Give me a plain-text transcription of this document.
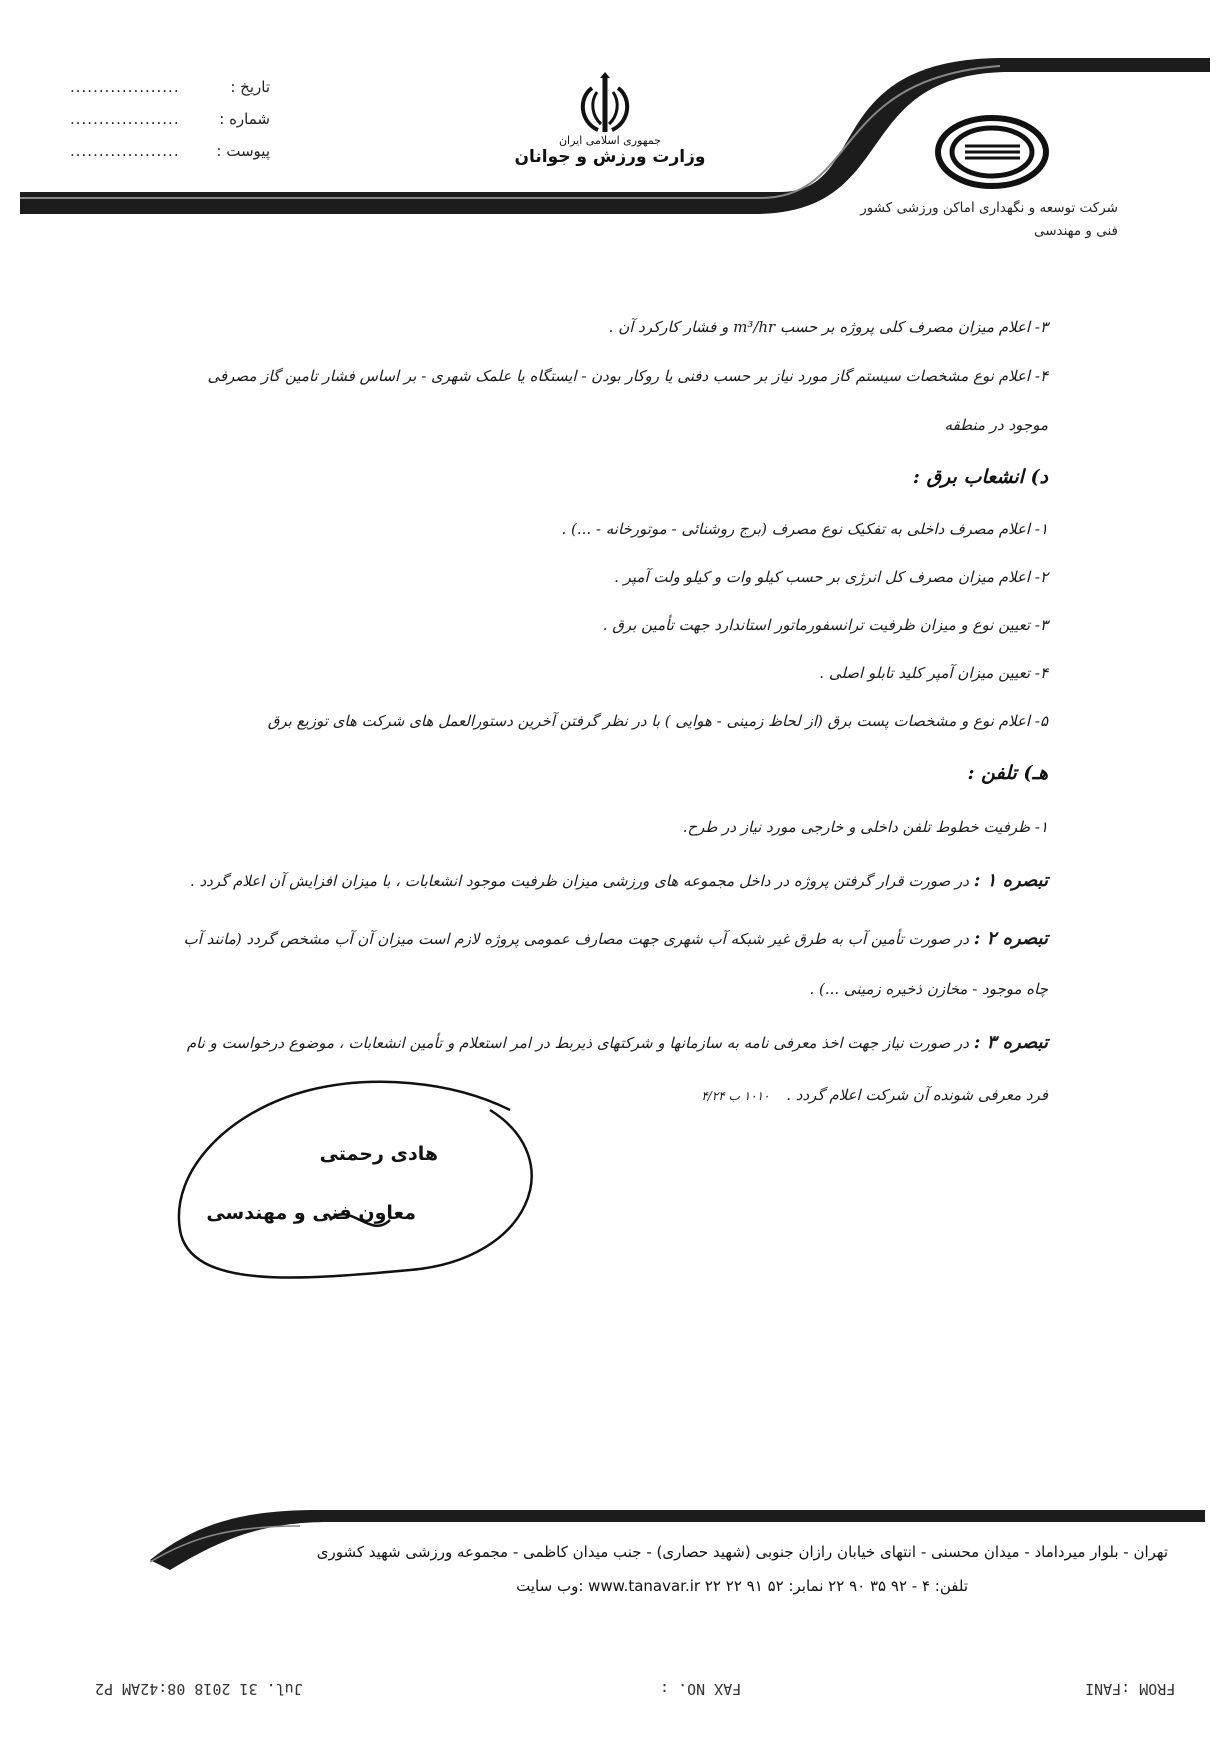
تاریخ :
...................
شماره :
...................
پیوست :
...................
جمهوری اسلامی ایران
وزارت ورزش و جوانان
شرکت توسعه و نگهداری اماکن ورزشی کشور
فنی و مهندسی
۳- اعلام میزان مصرف کلی پروژه بر حسب m³/hr و فشار کارکرد آن .
۴- اعلام نوع مشخصات سیستم گاز مورد نیاز بر حسب دفنی یا روکار بودن - ایستگاه یا علمک شهری - بر اساس فشار تامین گاز مصرفی
موجود در منطقه
د) انشعاب برق :
۱- اعلام مصرف داخلی به تفکیک نوع مصرف (برج روشنائی - موتورخانه - ...) .
۲- اعلام میزان مصرف کل انرژی بر حسب کیلو وات و کیلو ولت آمپر .
۳- تعیین نوع و میزان ظرفیت ترانسفورماتور استاندارد جهت تأمین برق .
۴- تعیین میزان آمپر کلید تابلو اصلی .
۵- اعلام نوع و مشخصات پست برق (از لحاظ زمینی - هوایی ) با در نظر گرفتن آخرین دستورالعمل های شرکت های توزیع برق
هـ) تلفن :
۱- ظرفیت خطوط تلفن داخلی و خارجی مورد نیاز در طرح.
تبصره ۱ : در صورت قرار گرفتن پروژه در داخل مجموعه های ورزشی میزان ظرفیت موجود انشعابات ، با میزان افزایش آن اعلام گردد .
تبصره ۲ : در صورت تأمین آب به طرق غیر شبکه آب شهری جهت مصارف عمومی پروژه لازم است میزان آن آب مشخص گردد (مانند آب
چاه موجود - مخازن ذخیره زمینی ...) .
تبصره ۳ : در صورت نیاز جهت اخذ معرفی نامه به سازمانها و شرکتهای ذیربط در امر استعلام و تأمین انشعابات ، موضوع درخواست و نام
فرد معرفی شونده آن شرکت اعلام گردد . ۱۰۱۰ ب ۴/۲۴
هادی رحمتی
معاون فنی و مهندسی
تهران - بلوار میرداماد - میدان محسنی - انتهای خیابان رازان جنوبی (شهید حصاری) - جنب میدان کاظمی - مجموعه ورزشی شهید کشوری
وب سایت: www.tanavar.ir تلفن: ۴ - ۹۲ ۳۵ ۹۰ ۲۲ نمابر: ۵۲ ۹۱ ۲۲ ۲۲
Jul. 31 2018 08:42AM P2	FAX NO. :	FROM :FANI
